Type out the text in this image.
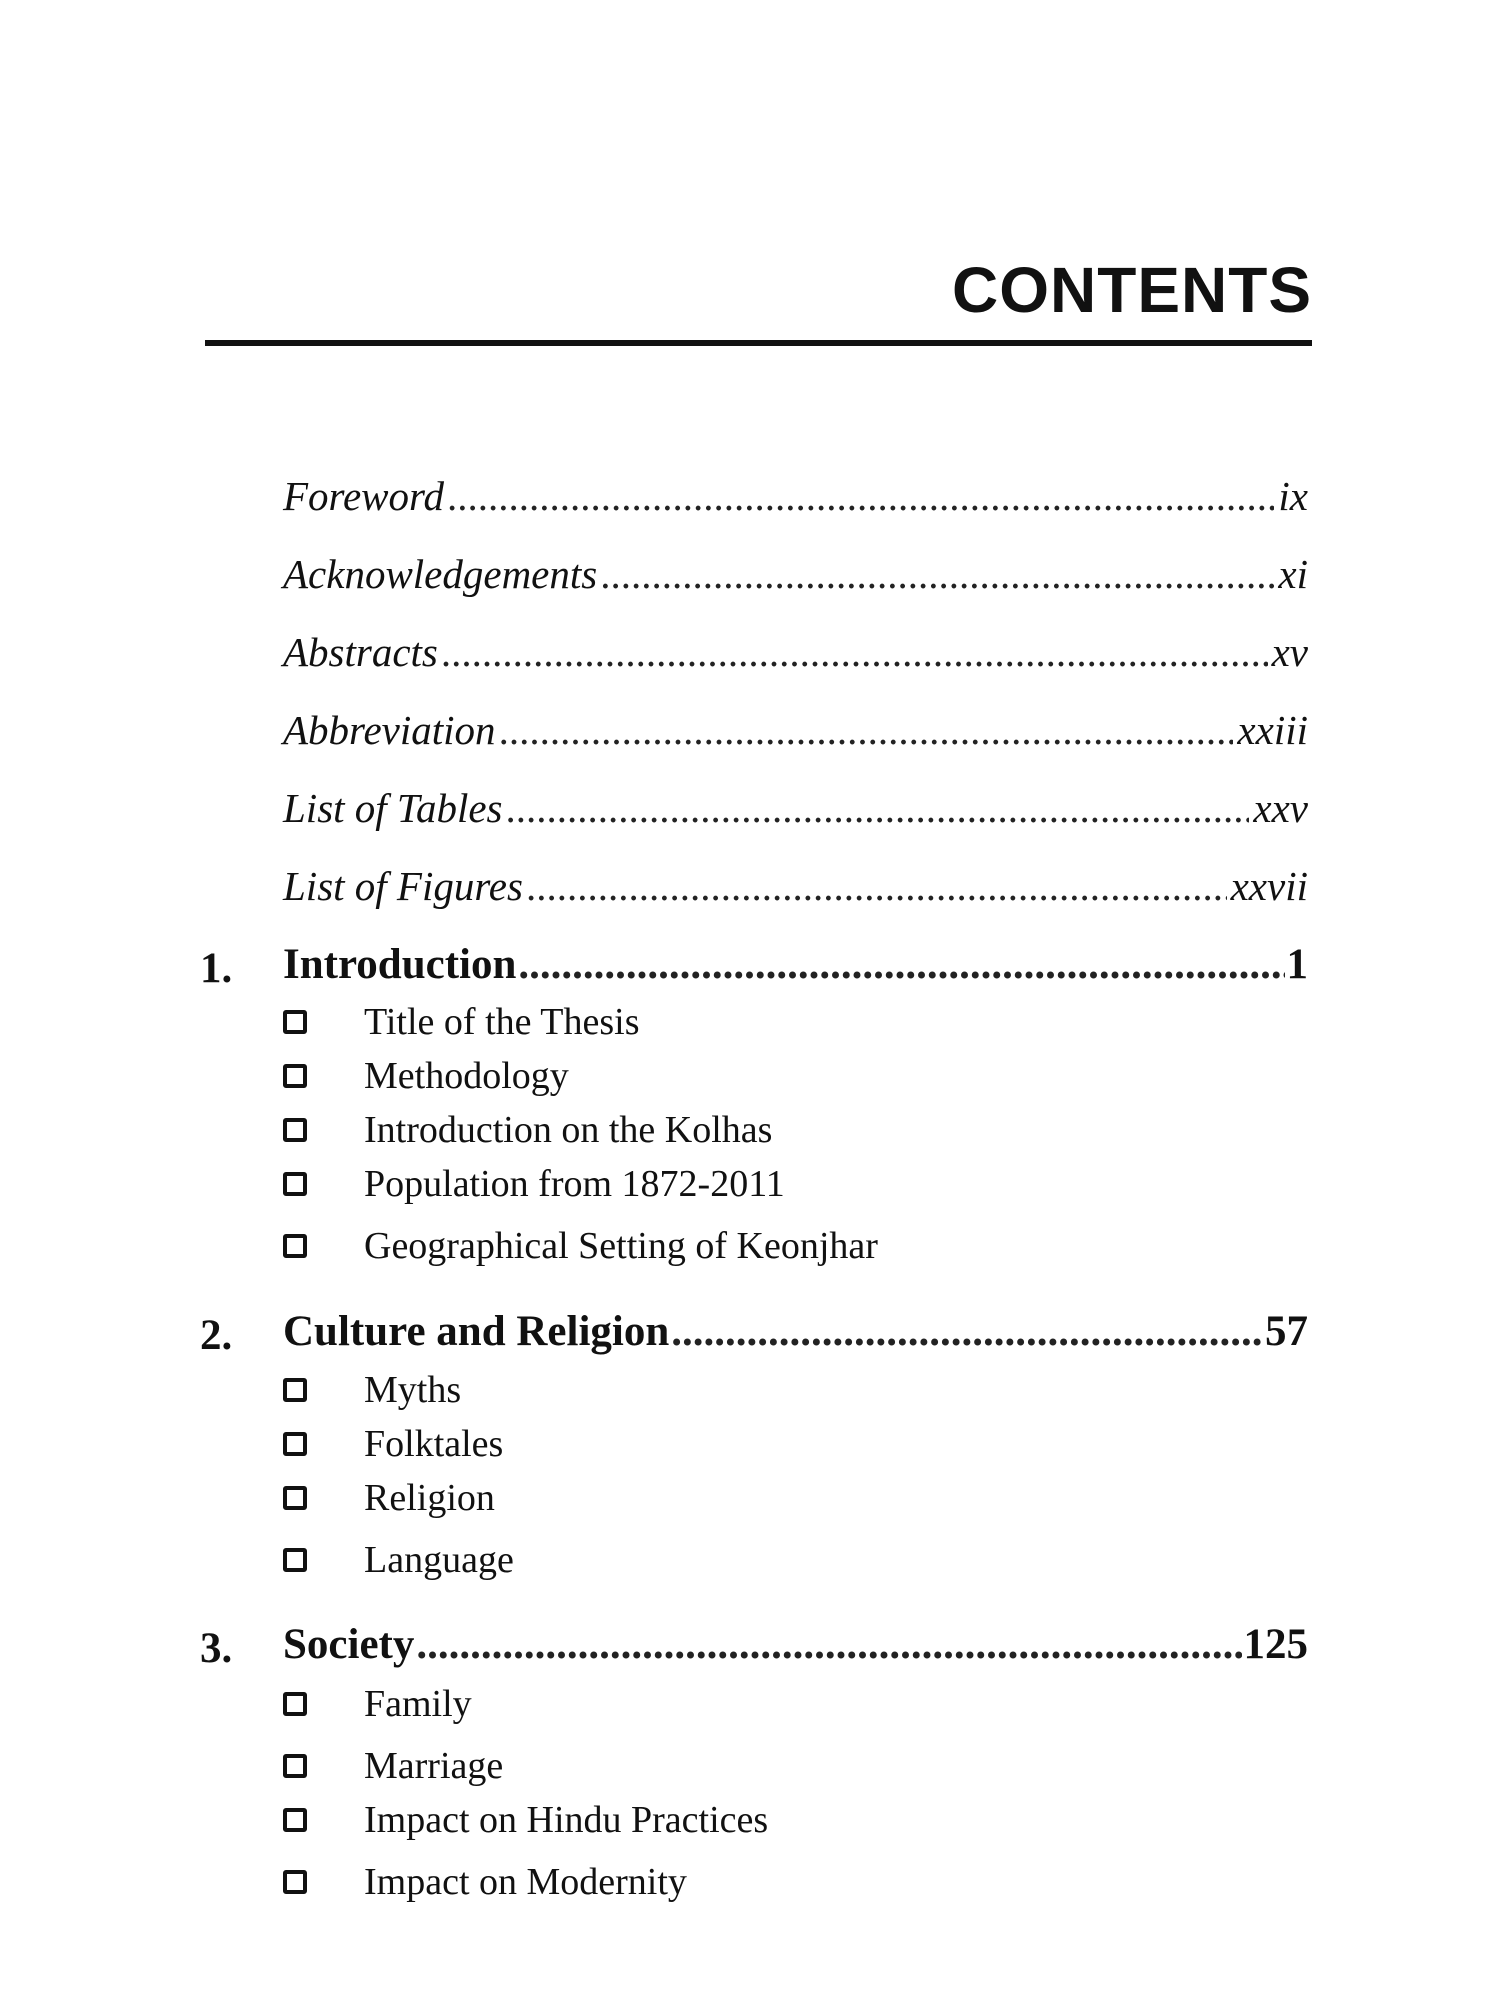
CONTENTS
Foreword .....	ix
Acknowledgements .....	xi
Abstracts .....	xv
Abbreviation .....	xxiii
List of Tables .....	xxv
List of Figures .....	xxvii
1. Introduction .....	1
Title of the Thesis
Methodology
Introduction on the Kolhas
Population from 1872-2011
Geographical Setting of Keonjhar
2. Culture and Religion .....	57
Myths
Folktales
Religion
Language
3. Society .....	125
Family
Marriage
Impact on Hindu Practices
Impact on Modernity
